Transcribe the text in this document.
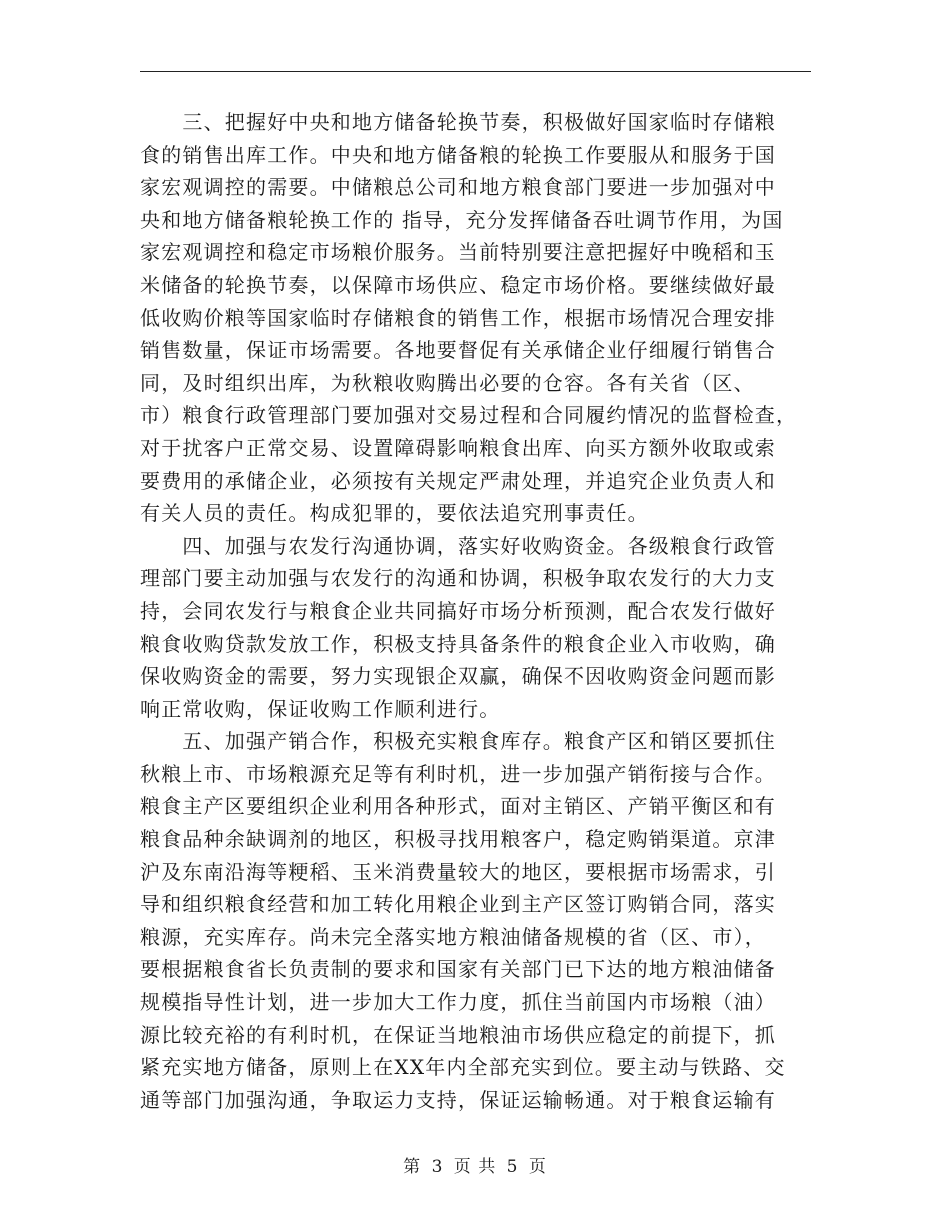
　　三、把握好中央和地方储备轮换节奏，积极做好国家临时存储粮
食的销售出库工作。中央和地方储备粮的轮换工作要服从和服务于国
家宏观调控的需要。中储粮总公司和地方粮食部门要进一步加强对中
央和地方储备粮轮换工作的 指导，充分发挥储备吞吐调节作用，为国
家宏观调控和稳定市场粮价服务。当前特别要注意把握好中晚稻和玉
米储备的轮换节奏，以保障市场供应、稳定市场价格。要继续做好最
低收购价粮等国家临时存储粮食的销售工作，根据市场情况合理安排
销售数量，保证市场需要。各地要督促有关承储企业仔细履行销售合
同，及时组织出库，为秋粮收购腾出必要的仓容。各有关省（区、
市）粮食行政管理部门要加强对交易过程和合同履约情况的监督检查，
对于扰客户正常交易、设置障碍影响粮食出库、向买方额外收取或索
要费用的承储企业，必须按有关规定严肃处理，并追究企业负责人和
有关人员的责任。构成犯罪的，要依法追究刑事责任。
　　四、加强与农发行沟通协调，落实好收购资金。各级粮食行政管
理部门要主动加强与农发行的沟通和协调，积极争取农发行的大力支
持，会同农发行与粮食企业共同搞好市场分析预测，配合农发行做好
粮食收购贷款发放工作，积极支持具备条件的粮食企业入市收购，确
保收购资金的需要，努力实现银企双赢，确保不因收购资金问题而影
响正常收购，保证收购工作顺利进行。
　　五、加强产销合作，积极充实粮食库存。粮食产区和销区要抓住
秋粮上市、市场粮源充足等有利时机，进一步加强产销衔接与合作。
粮食主产区要组织企业利用各种形式，面对主销区、产销平衡区和有
粮食品种余缺调剂的地区，积极寻找用粮客户，稳定购销渠道。京津
沪及东南沿海等粳稻、玉米消费量较大的地区，要根据市场需求，引
导和组织粮食经营和加工转化用粮企业到主产区签订购销合同，落实
粮源，充实库存。尚未完全落实地方粮油储备规模的省（区、市），
要根据粮食省长负责制的要求和国家有关部门已下达的地方粮油储备
规模指导性计划，进一步加大工作力度，抓住当前国内市场粮（油）
源比较充裕的有利时机，在保证当地粮油市场供应稳定的前提下，抓
紧充实地方储备，原则上在XX年内全部充实到位。要主动与铁路、交
通等部门加强沟通，争取运力支持，保证运输畅通。对于粮食运输有
第 3 页 共 5 页
